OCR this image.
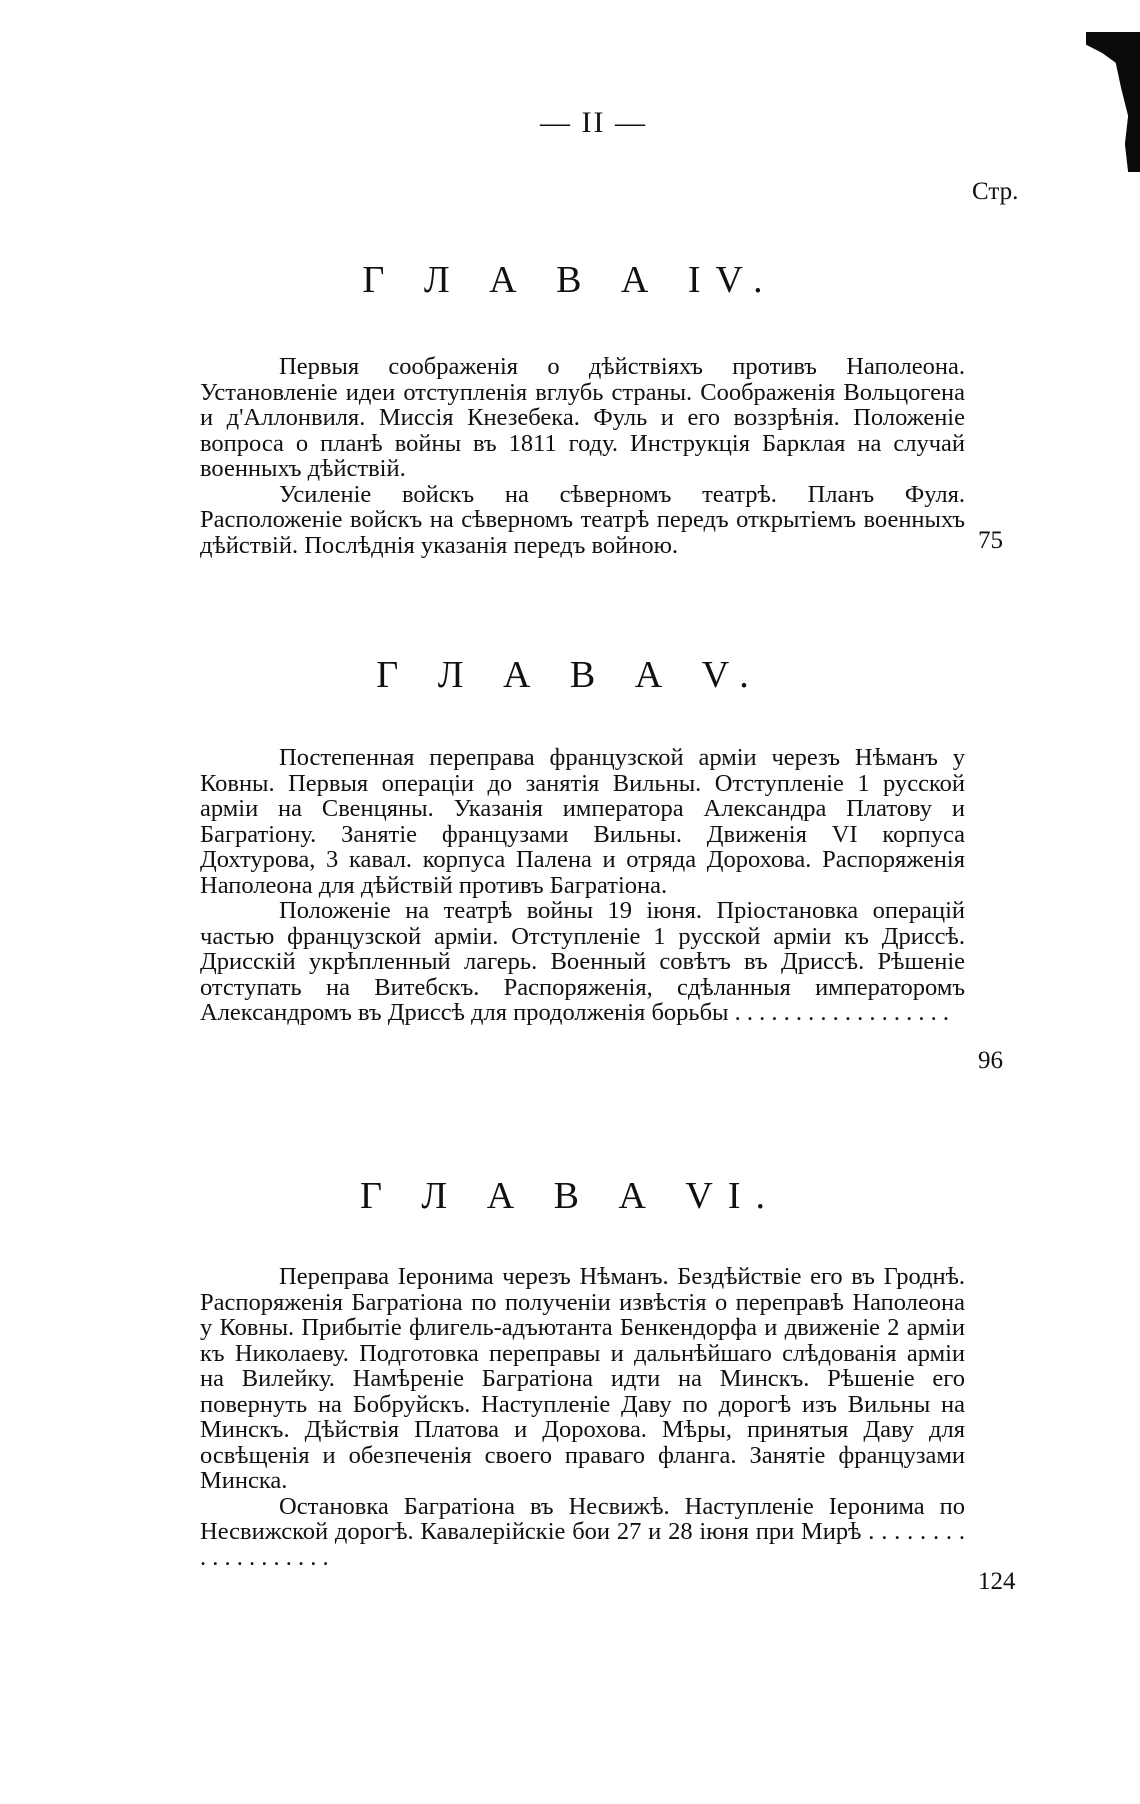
— II —
Стр.
Г Л А В А IV.

Первыя соображенія о дѣйствіяхъ противъ Наполеона. Установленіе идеи отступленія вглубь страны. Соображенія Вольцогена и д'Аллонвиля. Миссія Кнезебека. Фуль и его воззрѣнія. Положеніе вопроса о планѣ войны въ 1811 году. Инструкція Барклая на случай военныхъ дѣйствій.

Усиленіе войскъ на сѣверномъ театрѣ. Планъ Фуля. Расположеніе войскъ на сѣверномъ театрѣ передъ открытіемъ военныхъ дѣйствій. Послѣднія указанія передъ войною.	75
Г Л А В А V.

Постепенная переправа французской арміи черезъ Нѣманъ у Ковны. Первыя операціи до занятія Вильны. Отступленіе 1 русской арміи на Свенцяны. Указанія императора Александра Платову и Багратіону. Занятіе французами Вильны. Движенія VI корпуса Дохтурова, 3 кавал. корпуса Палена и отряда Дорохова. Распоряженія Наполеона для дѣйствій противъ Багратіона.

Положеніе на театрѣ войны 19 іюня. Пріостановка операцій частью французской арміи. Отступленіе 1 русской арміи къ Дриссѣ. Дрисскій укрѣпленный лагерь. Военный совѣтъ въ Дриссѣ. Рѣшеніе отступать на Витебскъ. Распоряженія, сдѣланныя императоромъ Александромъ въ Дриссѣ для продолженія борьбы . . . . . . . . . . . . . . . . . .

96
Г Л А В А VI.

Переправа Іеронима черезъ Нѣманъ. Бездѣйствіе его въ Гроднѣ. Распоряженія Багратіона по полученіи извѣстія о переправѣ Наполеона у Ковны. Прибытіе флигель-адъютанта Бенкендорфа и движеніе 2 арміи къ Николаеву. Подготовка переправы и дальнѣйшаго слѣдованія арміи на Вилейку. Намѣреніе Багратіона идти на Минскъ. Рѣшеніе его повернуть на Бобруйскъ. Наступленіе Даву по дорогѣ изъ Вильны на Минскъ. Дѣйствія Платова и Дорохова. Мѣры, принятыя Даву для освѣщенія и обезпеченія своего праваго фланга. Занятіе французами Минска.

Остановка Багратіона въ Несвижѣ. Наступленіе Іеронима по Несвижской дорогѣ. Кавалерійскіе бои 27 и 28 іюня при Мирѣ . . . . . . . . . . . . . . . . . . .

124
